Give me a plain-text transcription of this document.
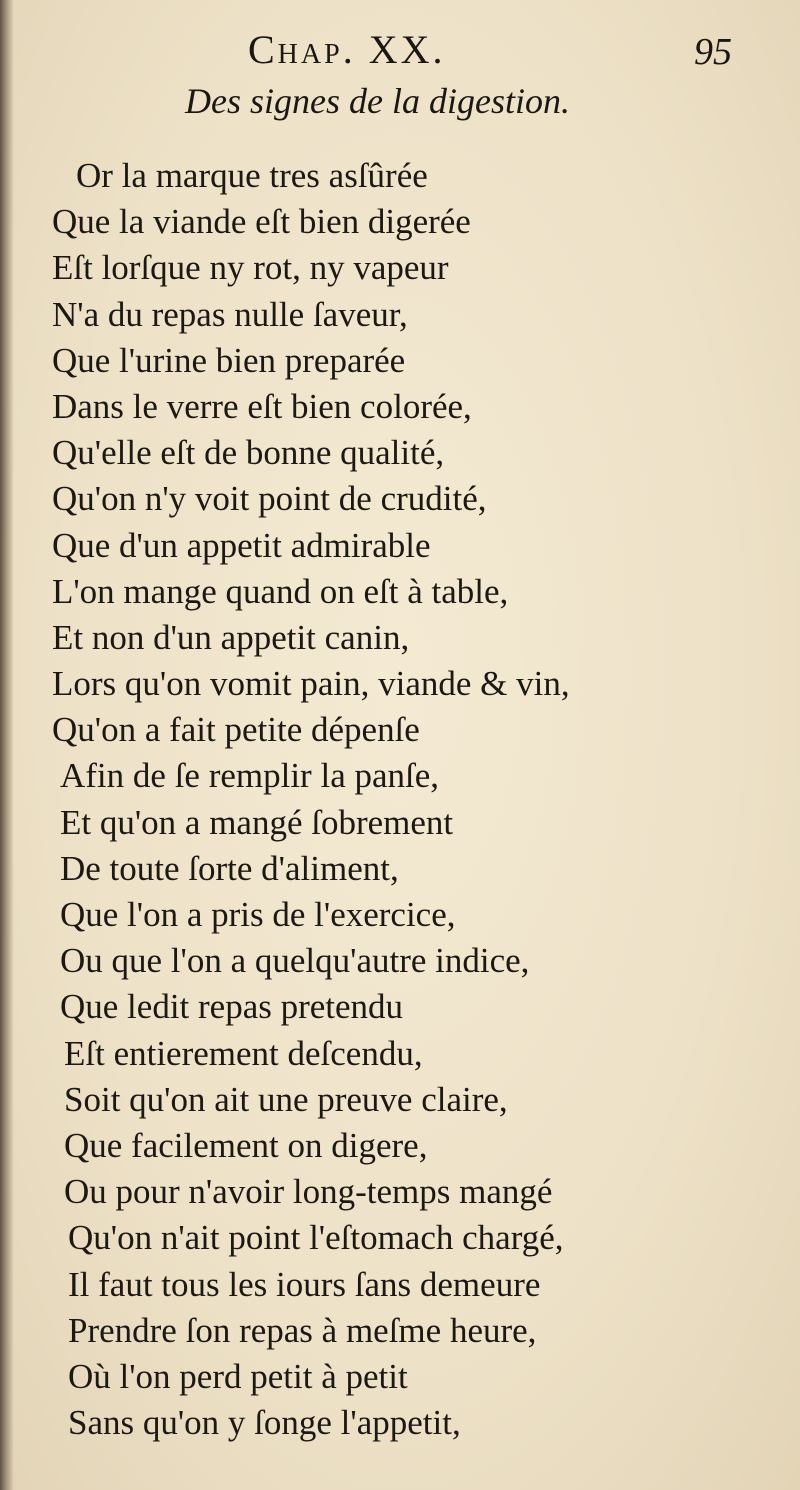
Chap. XX.	95
Des signes de la digestion.
Or la marque tres asſûrée
Que la viande eſt bien digerée
Eſt lorſque ny rot, ny vapeur
N'a du repas nulle ſaveur,
Que l'urine bien preparée
Dans le verre eſt bien colorée,
Qu'elle eſt de bonne qualité,
Qu'on n'y voit point de crudité,
Que d'un appetit admirable
L'on mange quand on eſt à table,
Et non d'un appetit canin,
Lors qu'on vomit pain, viande & vin,
Qu'on a fait petite dépenſe
Afin de ſe remplir la panſe,
Et qu'on a mangé ſobrement
De toute ſorte d'aliment,
Que l'on a pris de l'exercice,
Ou que l'on a quelqu'autre indice,
Que ledit repas pretendu
Eſt entierement deſcendu,
Soit qu'on ait une preuve claire,
Que facilement on digere,
Ou pour n'avoir long-temps mangé
Qu'on n'ait point l'eſtomach chargé,
Il faut tous les iours ſans demeure
Prendre ſon repas à meſme heure,
Où l'on perd petit à petit
Sans qu'on y ſonge l'appetit,
